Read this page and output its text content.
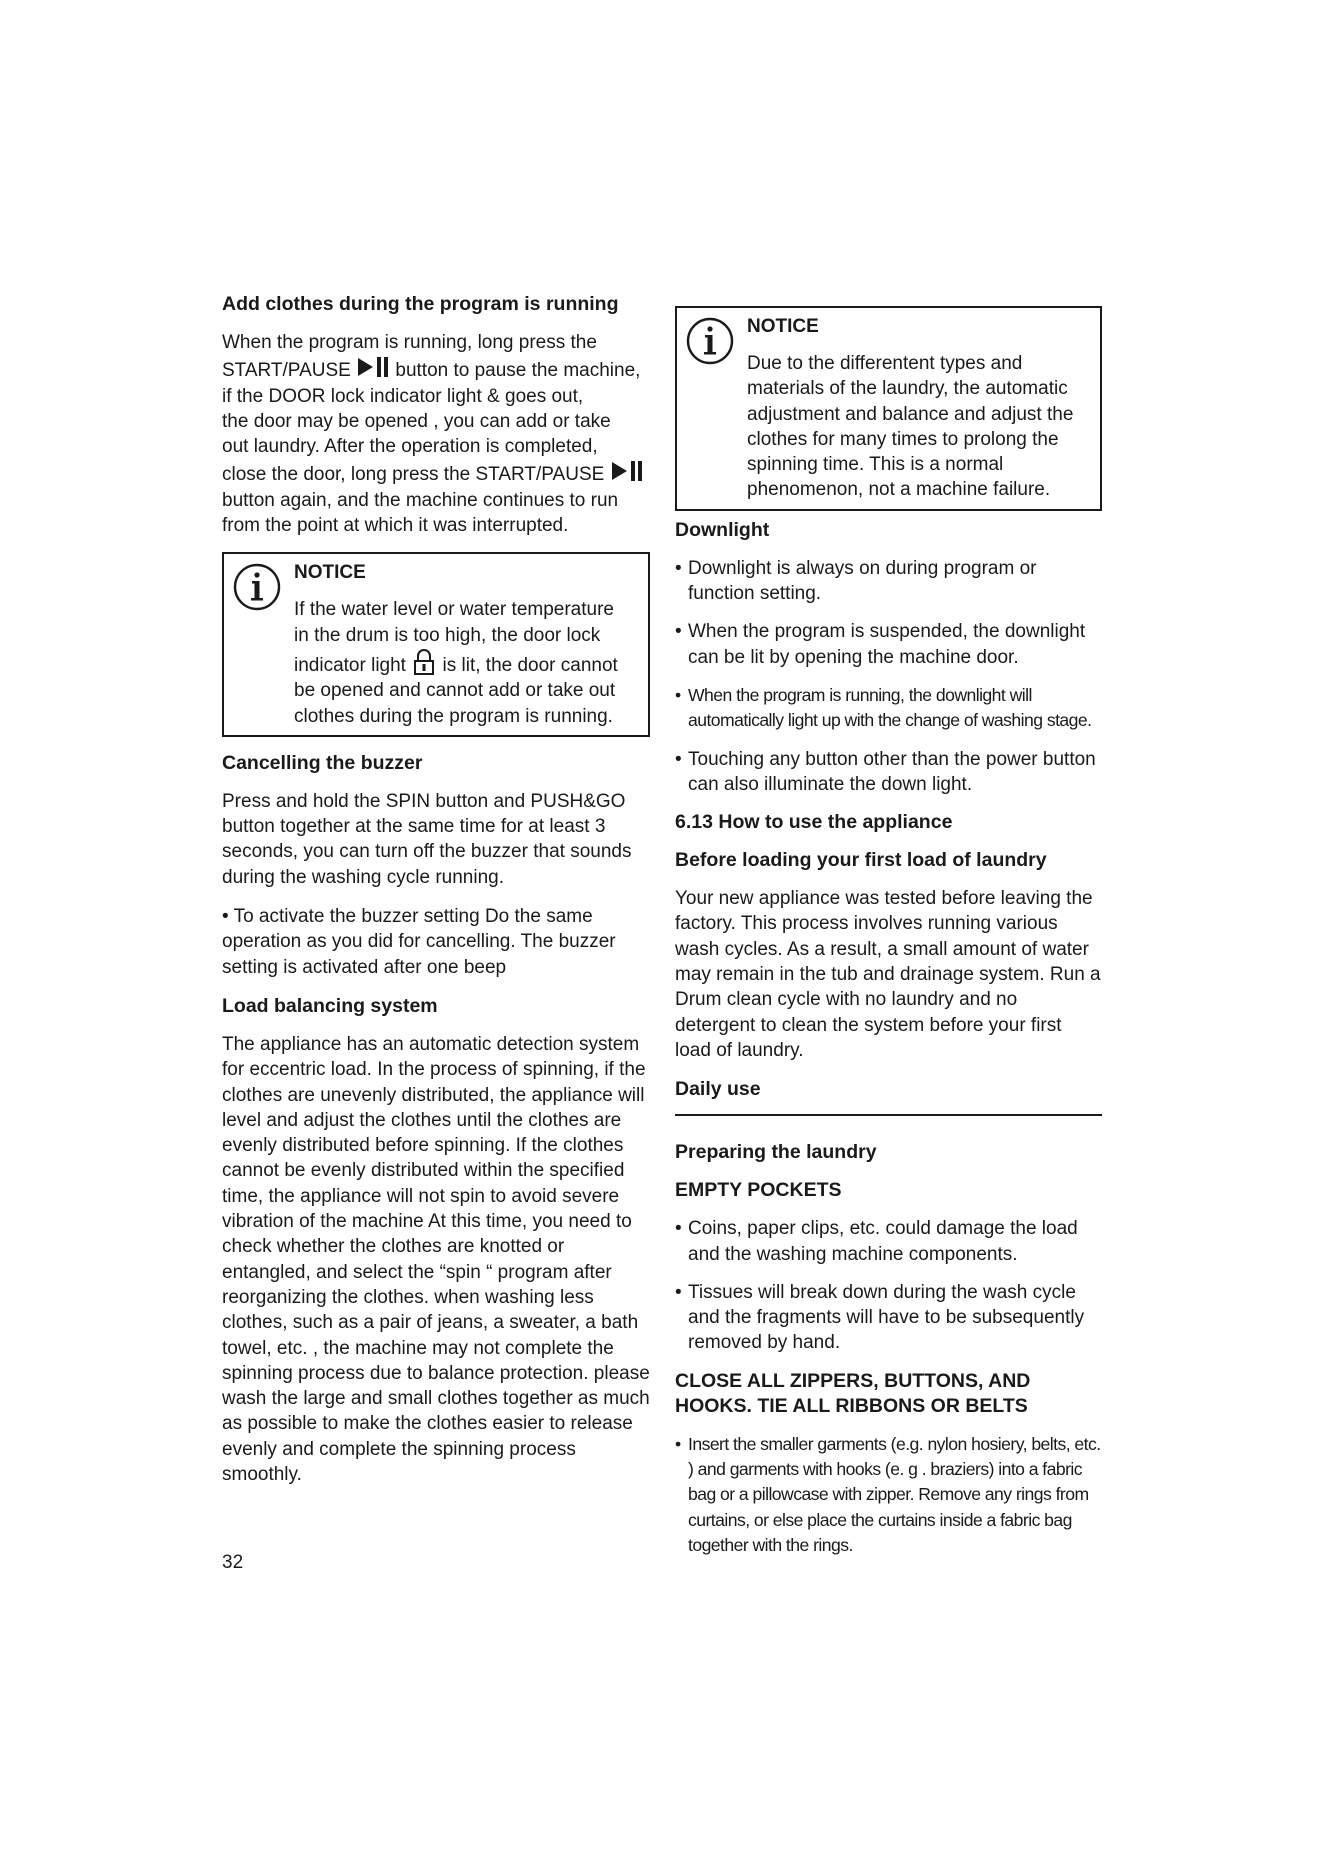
Add clothes during the program is running
When the program is running, long press the
START/PAUSE button to pause the machine,
if the DOOR lock indicator light & goes out,
the door may be opened , you can add or take
out laundry. After the operation is completed,
close the door, long press the START/PAUSE
button again, and the machine continues to run
from the point at which it was interrupted.
NOTICE
If the water level or water temperature
in the drum is too high, the door lock
indicator light is lit, the door cannot
be opened and cannot add or take out
clothes during the program is running.
Cancelling the buzzer

Press and hold the SPIN button and PUSH&GO button together at the same time for at least 3 seconds, you can turn off the buzzer that sounds during the washing cycle running.

• To activate the buzzer setting Do the same operation as you did for cancelling. The buzzer setting is activated after one beep

Load balancing system

The appliance has an automatic detection system for eccentric load. In the process of spinning, if the clothes are unevenly distributed, the appliance will level and adjust the clothes until the clothes are evenly distributed before spinning. If the clothes cannot be evenly distributed within the specified time, the appliance will not spin to avoid severe vibration of the machine At this time, you need to check whether the clothes are knotted or entangled, and select the “spin “ program after reorganizing the clothes. when washing less clothes, such as a pair of jeans, a sweater, a bath towel, etc. , the machine may not complete the spinning process due to balance protection. please wash the large and small clothes together as much as possible to make the clothes easier to release evenly and complete the spinning process smoothly.

NOTICE
Due to the differentent types and materials of the laundry, the automatic adjustment and balance and adjust the clothes for many times to prolong the spinning time. This is a normal phenomenon, not a machine failure.
Downlight
• Downlight is always on during program or function setting.
• When the program is suspended, the downlight can be lit by opening the machine door.
• When the program is running, the downlight will automatically light up with the change of washing stage.
• Touching any button other than the power button can also illuminate the down light.
6.13 How to use the appliance
Before loading your first load of laundry

Your new appliance was tested before leaving the factory. This process involves running various wash cycles. As a result, a small amount of water may remain in the tub and drainage system. Run a Drum clean cycle with no laundry and no detergent to clean the system before your first load of laundry.

Daily use
Preparing the laundry
EMPTY POCKETS
• Coins, paper clips, etc. could damage the load and the washing machine components.
• Tissues will break down during the wash cycle and the fragments will have to be subsequently removed by hand.
CLOSE ALL ZIPPERS, BUTTONS, AND HOOKS. TIE ALL RIBBONS OR BELTS
• Insert the smaller garments (e.g. nylon hosiery, belts, etc. ) and garments with hooks (e. g . braziers) into a fabric bag or a pillowcase with zipper. Remove any rings from curtains, or else place the curtains inside a fabric bag together with the rings.
32
